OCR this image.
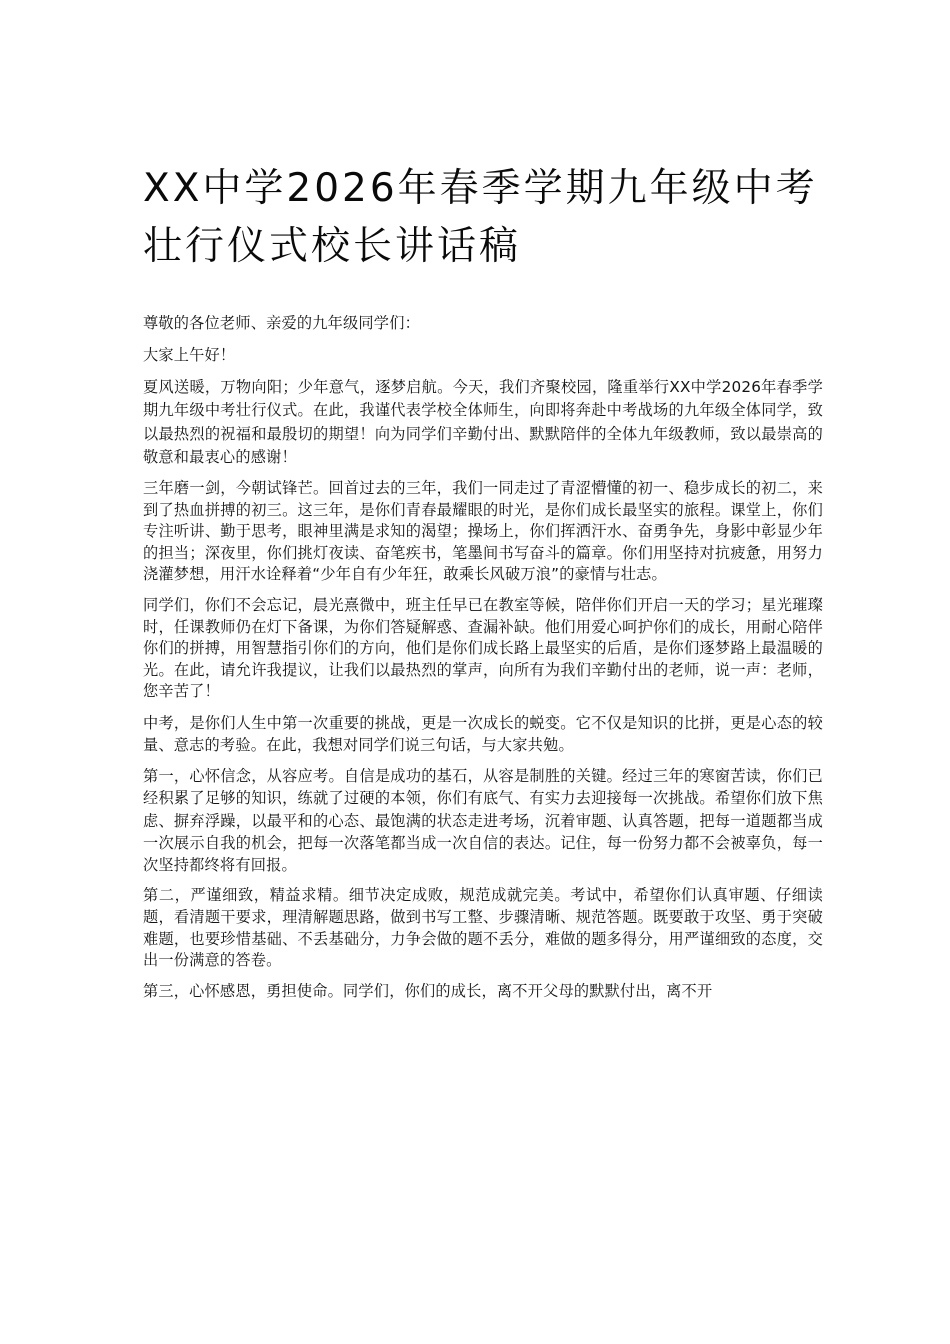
XX中学2026年春季学期九年级中考壮行仪式校长讲话稿

尊敬的各位老师、亲爱的九年级同学们：

大家上午好！

夏风送暖，万物向阳；少年意气，逐梦启航。今天，我们齐聚校园，隆重举行XX中学2026年春季学期九年级中考壮行仪式。在此，我谨代表学校全体师生，向即将奔赴中考战场的九年级全体同学，致以最热烈的祝福和最殷切的期望！向为同学们辛勤付出、默默陪伴的全体九年级教师，致以最崇高的敬意和最衷心的感谢！

三年磨一剑，今朝试锋芒。回首过去的三年，我们一同走过了青涩懵懂的初一、稳步成长的初二，来到了热血拼搏的初三。这三年，是你们青春最耀眼的时光，是你们成长最坚实的旅程。课堂上，你们专注听讲、勤于思考，眼神里满是求知的渴望；操场上，你们挥洒汗水、奋勇争先，身影中彰显少年的担当；深夜里，你们挑灯夜读、奋笔疾书，笔墨间书写奋斗的篇章。你们用坚持对抗疲惫，用努力浇灌梦想，用汗水诠释着“少年自有少年狂，敢乘长风破万浪”的豪情与壮志。

同学们，你们不会忘记，晨光熹微中，班主任早已在教室等候，陪伴你们开启一天的学习；星光璀璨时，任课教师仍在灯下备课，为你们答疑解惑、查漏补缺。他们用爱心呵护你们的成长，用耐心陪伴你们的拼搏，用智慧指引你们的方向，他们是你们成长路上最坚实的后盾，是你们逐梦路上最温暖的光。在此，请允许我提议，让我们以最热烈的掌声，向所有为我们辛勤付出的老师，说一声：老师，您辛苦了！

中考，是你们人生中第一次重要的挑战，更是一次成长的蜕变。它不仅是知识的比拼，更是心态的较量、意志的考验。在此，我想对同学们说三句话，与大家共勉。

第一，心怀信念，从容应考。自信是成功的基石，从容是制胜的关键。经过三年的寒窗苦读，你们已经积累了足够的知识，练就了过硬的本领，你们有底气、有实力去迎接每一次挑战。希望你们放下焦虑、摒弃浮躁，以最平和的心态、最饱满的状态走进考场，沉着审题、认真答题，把每一道题都当成一次展示自我的机会，把每一次落笔都当成一次自信的表达。记住，每一份努力都不会被辜负，每一次坚持都终将有回报。

第二，严谨细致，精益求精。细节决定成败，规范成就完美。考试中，希望你们认真审题、仔细读题，看清题干要求，理清解题思路，做到书写工整、步骤清晰、规范答题。既要敢于攻坚、勇于突破难题，也要珍惜基础、不丢基础分，力争会做的题不丢分，难做的题多得分，用严谨细致的态度，交出一份满意的答卷。

第三，心怀感恩，勇担使命。同学们，你们的成长，离不开父母的默默付出，离不开
